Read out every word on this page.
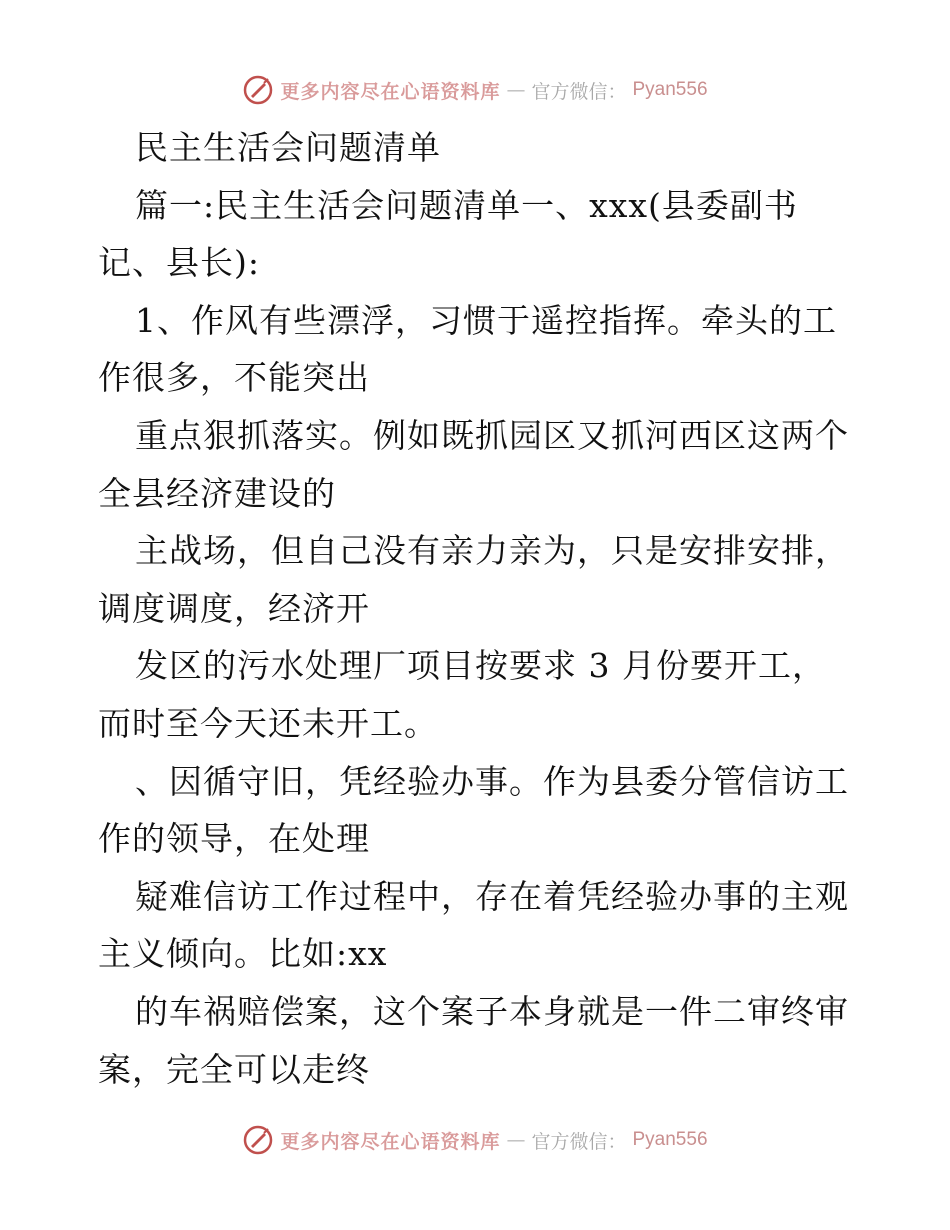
更多内容尽在心语资料库 — 官方微信： Pyan556
民主生活会问题清单
篇一:民主生活会问题清单一、xxx(县委副书
记、县长):
1、作风有些漂浮，习惯于遥控指挥。牵头的工
作很多，不能突出
重点狠抓落实。例如既抓园区又抓河西区这两个
全县经济建设的
主战场，但自己没有亲力亲为，只是安排安排，
调度调度，经济开
发区的污水处理厂项目按要求 3 月份要开工，
而时至今天还未开工。
、因循守旧，凭经验办事。作为县委分管信访工
作的领导，在处理
疑难信访工作过程中，存在着凭经验办事的主观
主义倾向。比如:xx
的车祸赔偿案，这个案子本身就是一件二审终审
案，完全可以走终
更多内容尽在心语资料库 — 官方微信： Pyan556
